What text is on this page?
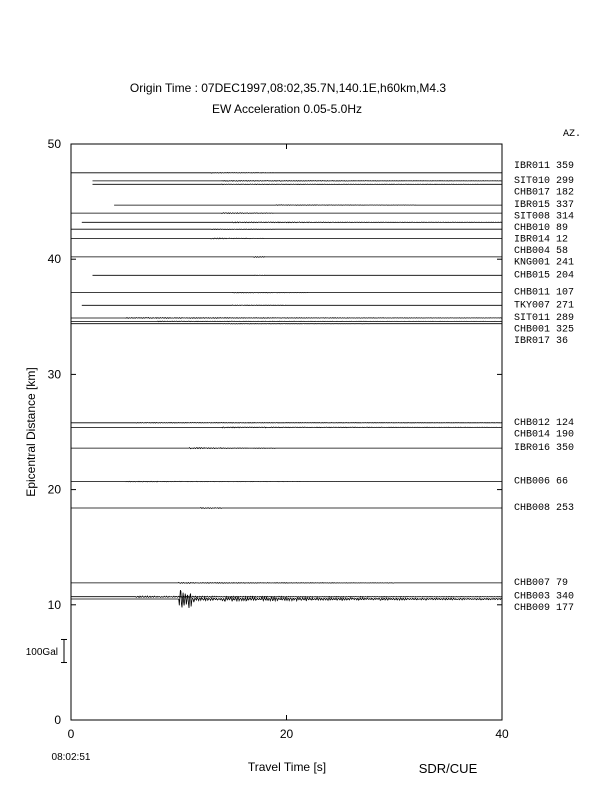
Origin Time : 07DEC1997,08:02,35.7N,140.1E,h60km,M4.3
EW Acceleration 0.05-5.0Hz
AZ.
0
10
20
30
40
50
0	20	40
IBR011 359
SIT010 299
CHB017 182
IBR015 337
SIT008 314
CHB010 89
IBR014 12
CHB004 58
KNG001 241
CHB015 204
CHB011 107
TKY007 271
SIT011 289
CHB001 325
IBR017 36
CHB012 124
CHB014 190
IBR016 350
CHB006 66
CHB008 253
CHB007 79
CHB003 340
CHB009 177
Epicentral Distance [km]
Travel Time [s]
08:02:51
SDR/CUE
100Gal
